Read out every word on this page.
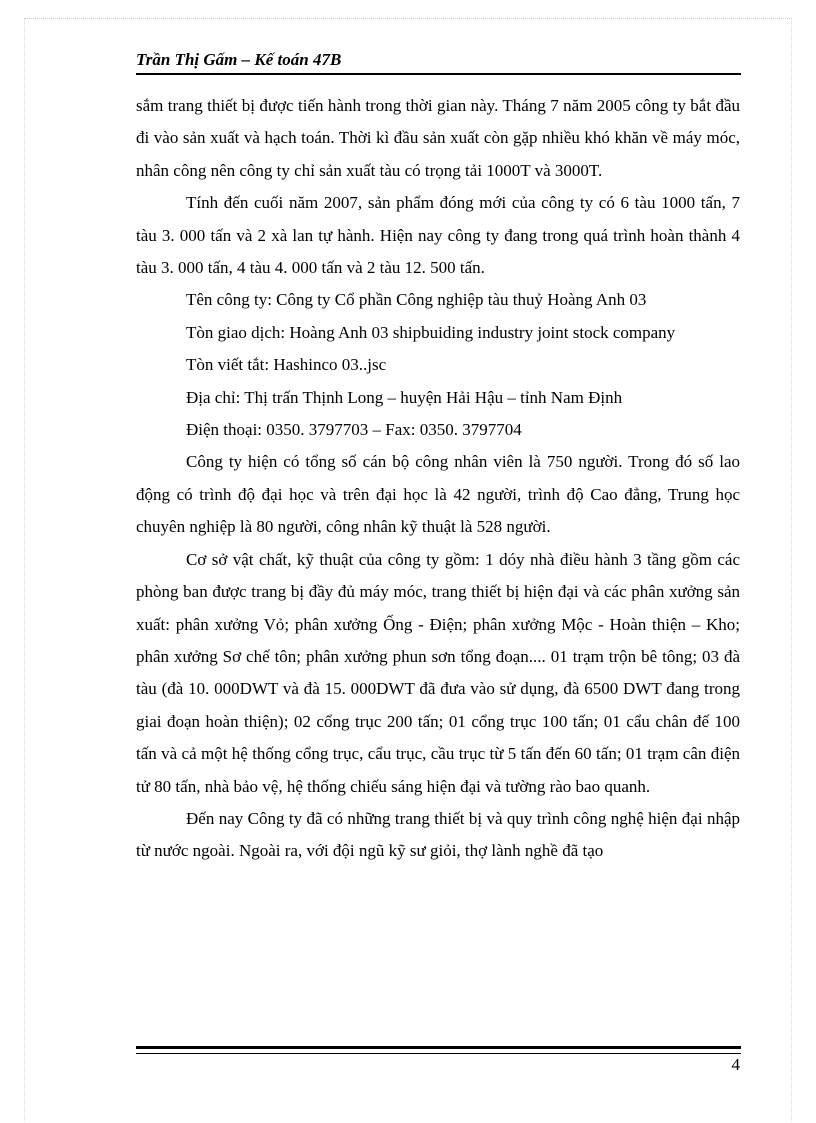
Trần Thị Gấm – Kế toán 47B

sắm trang thiết bị được tiến hành trong thời gian này. Tháng 7 năm 2005 công ty bắt đầu đi vào sản xuất và hạch toán. Thời kì đầu sản xuất còn gặp nhiều khó khăn về máy móc, nhân công nên công ty chỉ sản xuất tàu có trọng tải 1000T và 3000T.

Tính đến cuối năm 2007, sản phẩm đóng mới của công ty có 6 tàu 1000 tấn, 7 tàu 3. 000 tấn và 2 xà lan tự hành. Hiện nay công ty đang trong quá trình hoàn thành 4 tàu 3. 000 tấn, 4 tàu 4. 000 tấn và 2 tàu 12. 500 tấn.

Tên công ty: Công ty Cổ phần Công nghiệp tàu thuỷ Hoàng Anh 03

Tòn giao dịch: Hoàng Anh 03 shipbuiding industry joint stock company

Tòn viết tắt: Hashinco 03..jsc

Địa chỉ: Thị trấn Thịnh Long – huyện Hải Hậu – tỉnh Nam Định

Điện thoại: 0350. 3797703 – Fax: 0350. 3797704

Công ty hiện có tổng số cán bộ công nhân viên là 750 người. Trong đó số lao động có trình độ đại học và trên đại học là 42 người, trình độ Cao đẳng, Trung học chuyên nghiệp là 80 người, công nhân kỹ thuật là 528 người.

Cơ sở vật chất, kỹ thuật của công ty gồm: 1 dóy nhà điều hành 3 tầng gồm các phòng ban được trang bị đầy đủ máy móc, trang thiết bị hiện đại và các phân xưởng sản xuất: phân xưởng Vỏ; phân xưởng Ống - Điện; phân xưởng Mộc - Hoàn thiện – Kho; phân xưởng Sơ chế tôn; phân xưởng phun sơn tổng đoạn.... 01 trạm trộn bê tông; 03 đà tàu (đà 10. 000DWT và đà 15. 000DWT đã đưa vào sử dụng, đà 6500 DWT đang trong giai đoạn hoàn thiện); 02 cổng trục 200 tấn; 01 cổng trục 100 tấn; 01 cẩu chân đế 100 tấn và cả một hệ thống cổng trục, cẩu trục, cầu trục từ 5 tấn đến 60 tấn; 01 trạm cân điện tử 80 tấn, nhà bảo vệ, hệ thống chiếu sáng hiện đại và tường rào bao quanh.

Đến nay Công ty đã có những trang thiết bị và quy trình công nghệ hiện đại nhập từ nước ngoài. Ngoài ra, với đội ngũ kỹ sư giỏi, thợ lành nghề đã tạo

4
